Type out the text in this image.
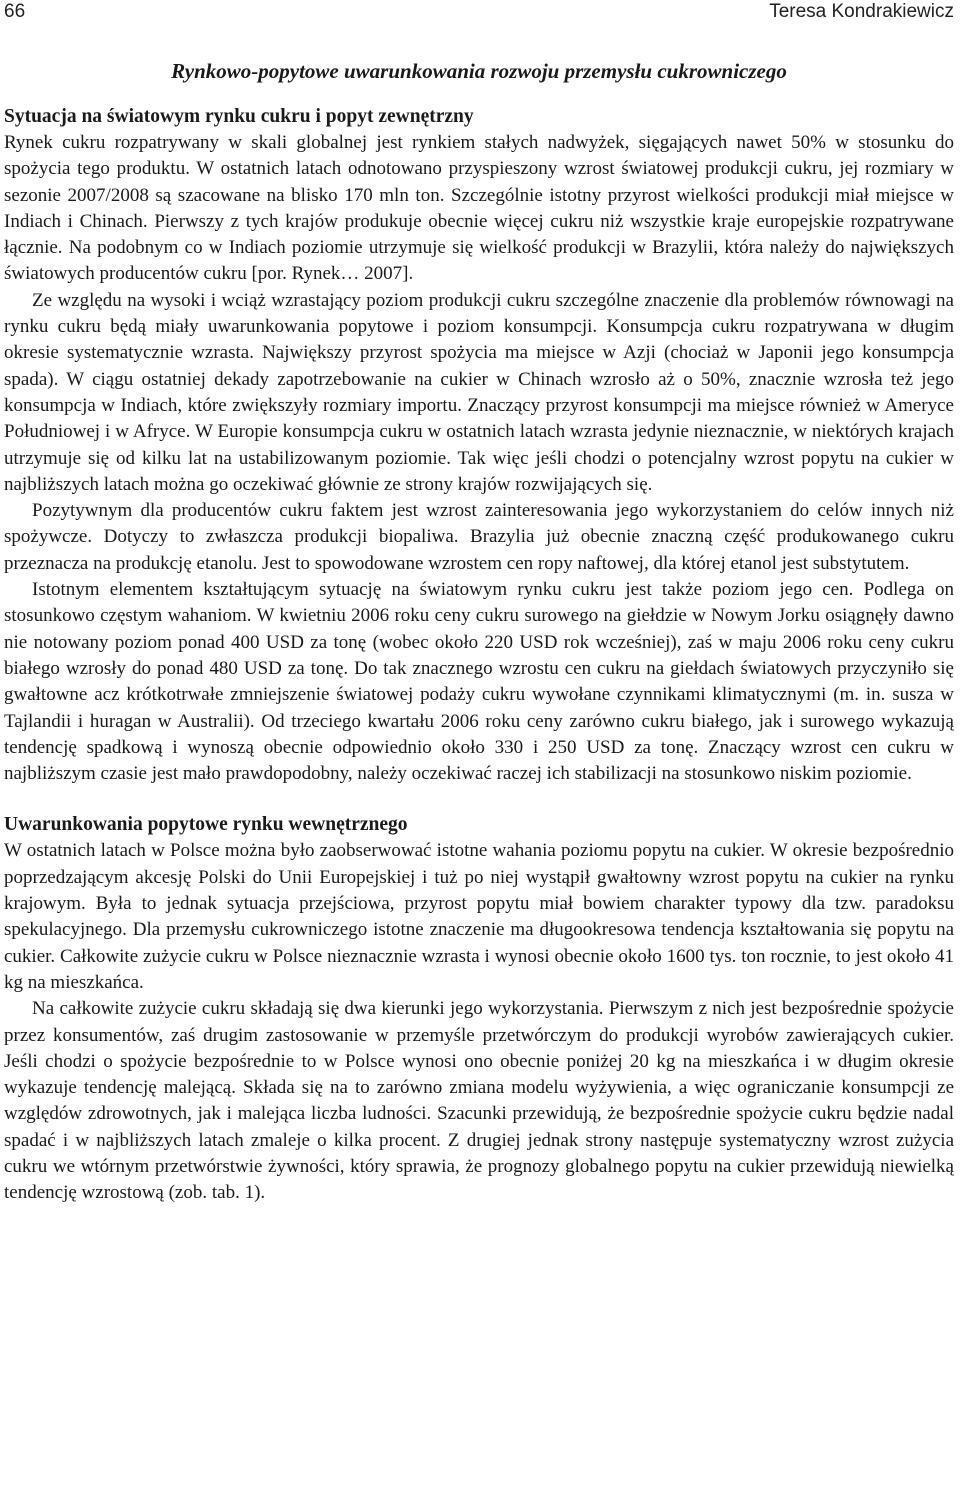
66	Teresa Kondrakiewicz
Rynkowo-popytowe uwarunkowania rozwoju przemysłu cukrowniczego
Sytuacja na światowym rynku cukru i popyt zewnętrzny

Rynek cukru rozpatrywany w skali globalnej jest rynkiem stałych nadwyżek, sięgających nawet 50% w stosunku do spożycia tego produktu. W ostatnich latach odnotowano przyspieszony wzrost światowej produkcji cukru, jej rozmiary w sezonie 2007/2008 są szacowane na blisko 170 mln ton. Szczególnie istotny przyrost wielkości produkcji miał miejsce w Indiach i Chinach. Pierwszy z tych krajów produkuje obecnie więcej cukru niż wszystkie kraje europejskie rozpatrywane łącznie. Na podobnym co w Indiach poziomie utrzymuje się wielkość produkcji w Brazylii, która należy do największych światowych producentów cukru [por. Rynek… 2007].

Ze względu na wysoki i wciąż wzrastający poziom produkcji cukru szczególne znaczenie dla problemów równowagi na rynku cukru będą miały uwarunkowania popytowe i poziom konsumpcji. Konsumpcja cukru rozpatrywana w długim okresie systematycznie wzrasta. Największy przyrost spożycia ma miejsce w Azji (chociaż w Japonii jego konsumpcja spada). W ciągu ostatniej dekady zapotrzebowanie na cukier w Chinach wzrosło aż o 50%, znacznie wzrosła też jego konsumpcja w Indiach, które zwiększyły rozmiary importu. Znaczący przyrost konsumpcji ma miejsce również w Ameryce Południowej i w Afryce. W Europie konsumpcja cukru w ostatnich latach wzrasta jedynie nieznacznie, w niektórych krajach utrzymuje się od kilku lat na ustabilizowanym poziomie. Tak więc jeśli chodzi o potencjalny wzrost popytu na cukier w najbliższych latach można go oczekiwać głównie ze strony krajów rozwijających się.

Pozytywnym dla producentów cukru faktem jest wzrost zainteresowania jego wykorzystaniem do celów innych niż spożywcze. Dotyczy to zwłaszcza produkcji biopaliwa. Brazylia już obecnie znaczną część produkowanego cukru przeznacza na produkcję etanolu. Jest to spowodowane wzrostem cen ropy naftowej, dla której etanol jest substytutem.

Istotnym elementem kształtującym sytuację na światowym rynku cukru jest także poziom jego cen. Podlega on stosunkowo częstym wahaniom. W kwietniu 2006 roku ceny cukru surowego na giełdzie w Nowym Jorku osiągnęły dawno nie notowany poziom ponad 400 USD za tonę (wobec około 220 USD rok wcześniej), zaś w maju 2006 roku ceny cukru białego wzrosły do ponad 480 USD za tonę. Do tak znacznego wzrostu cen cukru na giełdach światowych przyczyniło się gwałtowne acz krótkotrwałe zmniejszenie światowej podaży cukru wywołane czynnikami klimatycznymi (m. in. susza w Tajlandii i huragan w Australii). Od trzeciego kwartału 2006 roku ceny zarówno cukru białego, jak i surowego wykazują tendencję spadkową i wynoszą obecnie odpowiednio około 330 i 250 USD za tonę. Znaczący wzrost cen cukru w najbliższym czasie jest mało prawdopodobny, należy oczekiwać raczej ich stabilizacji na stosunkowo niskim poziomie.

Uwarunkowania popytowe rynku wewnętrznego

W ostatnich latach w Polsce można było zaobserwować istotne wahania poziomu popytu na cukier. W okresie bezpośrednio poprzedzającym akcesję Polski do Unii Europejskiej i tuż po niej wystąpił gwałtowny wzrost popytu na cukier na rynku krajowym. Była to jednak sytuacja przejściowa, przyrost popytu miał bowiem charakter typowy dla tzw. paradoksu spekulacyjnego. Dla przemysłu cukrowniczego istotne znaczenie ma długookresowa tendencja kształtowania się popytu na cukier. Całkowite zużycie cukru w Polsce nieznacznie wzrasta i wynosi obecnie około 1600 tys. ton rocznie, to jest około 41 kg na mieszkańca.

Na całkowite zużycie cukru składają się dwa kierunki jego wykorzystania. Pierwszym z nich jest bezpośrednie spożycie przez konsumentów, zaś drugim zastosowanie w przemyśle przetwórczym do produkcji wyrobów zawierających cukier. Jeśli chodzi o spożycie bezpośrednie to w Polsce wynosi ono obecnie poniżej 20 kg na mieszkańca i w długim okresie wykazuje tendencję malejącą. Składa się na to zarówno zmiana modelu wyżywienia, a więc ograniczanie konsumpcji ze względów zdrowotnych, jak i malejąca liczba ludności. Szacunki przewidują, że bezpośrednie spożycie cukru będzie nadal spadać i w najbliższych latach zmaleje o kilka procent. Z drugiej jednak strony następuje systematyczny wzrost zużycia cukru we wtórnym przetwórstwie żywności, który sprawia, że prognozy globalnego popytu na cukier przewidują niewielką tendencję wzrostową (zob. tab. 1).
